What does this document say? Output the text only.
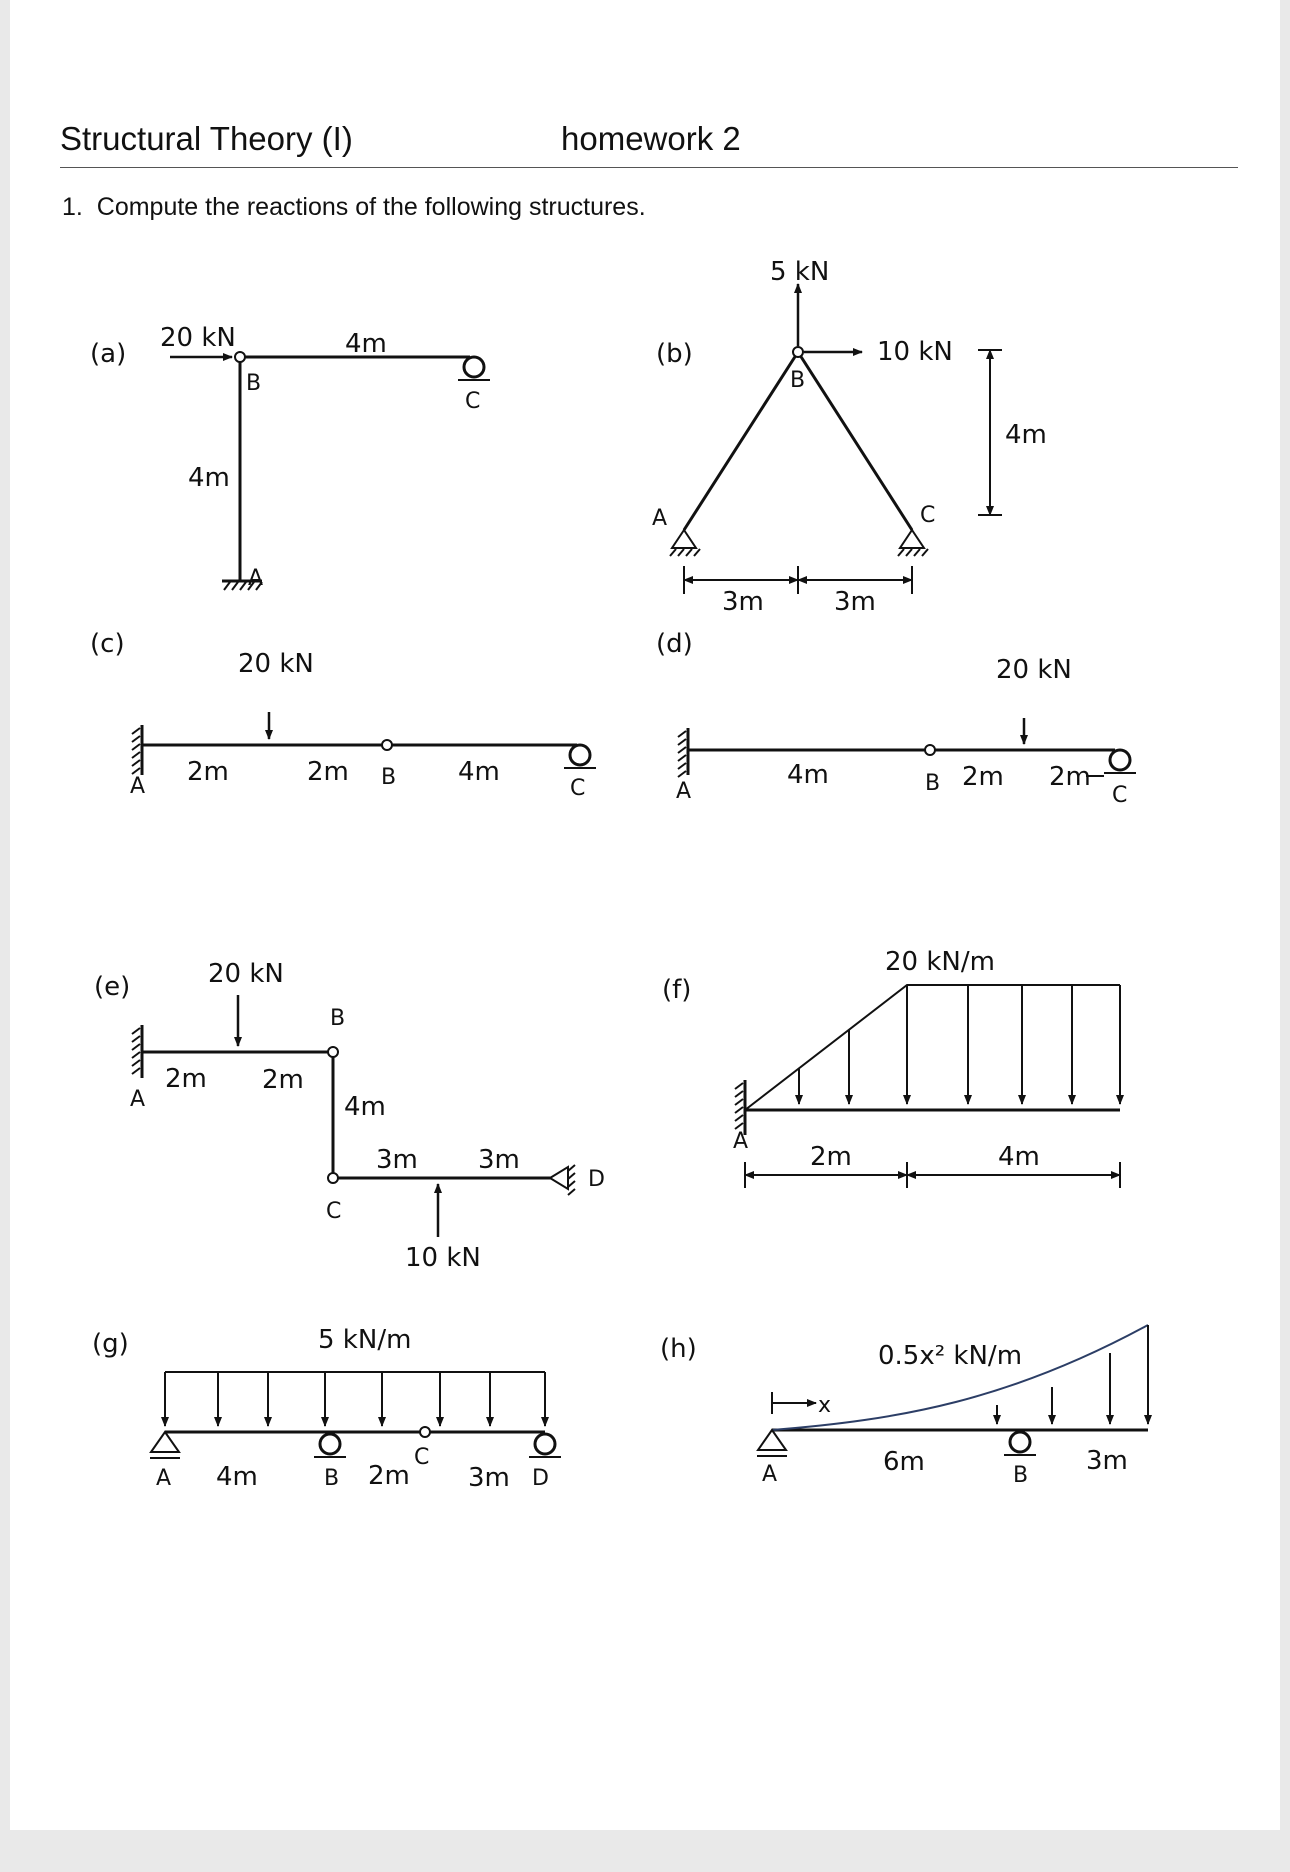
Structural Theory (I)	homework 2
1. Compute the reactions of the following structures.
(a)
20 kN	4m
4m
B
A
C
(b)
5 kN
10 kN
4m
3m	3m
A
B
C
(c)
20 kN
2m	2m	4m
A	B	C
(d)
20 kN
4m	2m 2m
A	B	C
(e)	20 kN
10 kN
2m 2m
4m
3m 3m
A
B
C
D
(f)
20 kN/m
2m	4m
A
(g)	5 kN/m
4m	2m 3m
A	B
C
D
(h)
x
0.5x² kN/m
6m	3m
A	B
